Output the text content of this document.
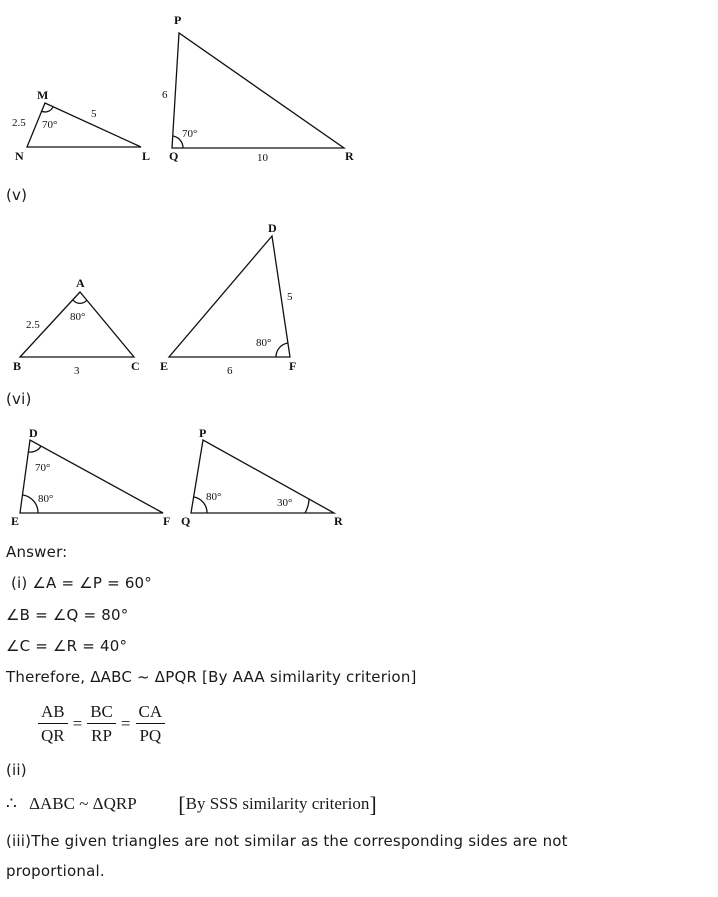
M
N	L
2.5
5
70°
P
Q	R
6
10
70°
A
B	C
2.5
3
80°
D
E	F
5
6
80°
D
E	F
70°
80°
P
Q	R
80°	30°
(v)
(vi)
Answer:
(i) ∠A = ∠P = 60°
∠B = ∠Q = 80°
∠C = ∠R = 40°
Therefore, ΔABC ~ ΔPQR [By AAA similarity criterion]
$\frac{AB}{QR} = \frac{BC}{RP} = \frac{CA}{PQ}$
(ii)
∴ ΔABC ~ ΔQRP [By SSS similarity criterion]
(iii)The given triangles are not similar as the corresponding sides are not
proportional.
